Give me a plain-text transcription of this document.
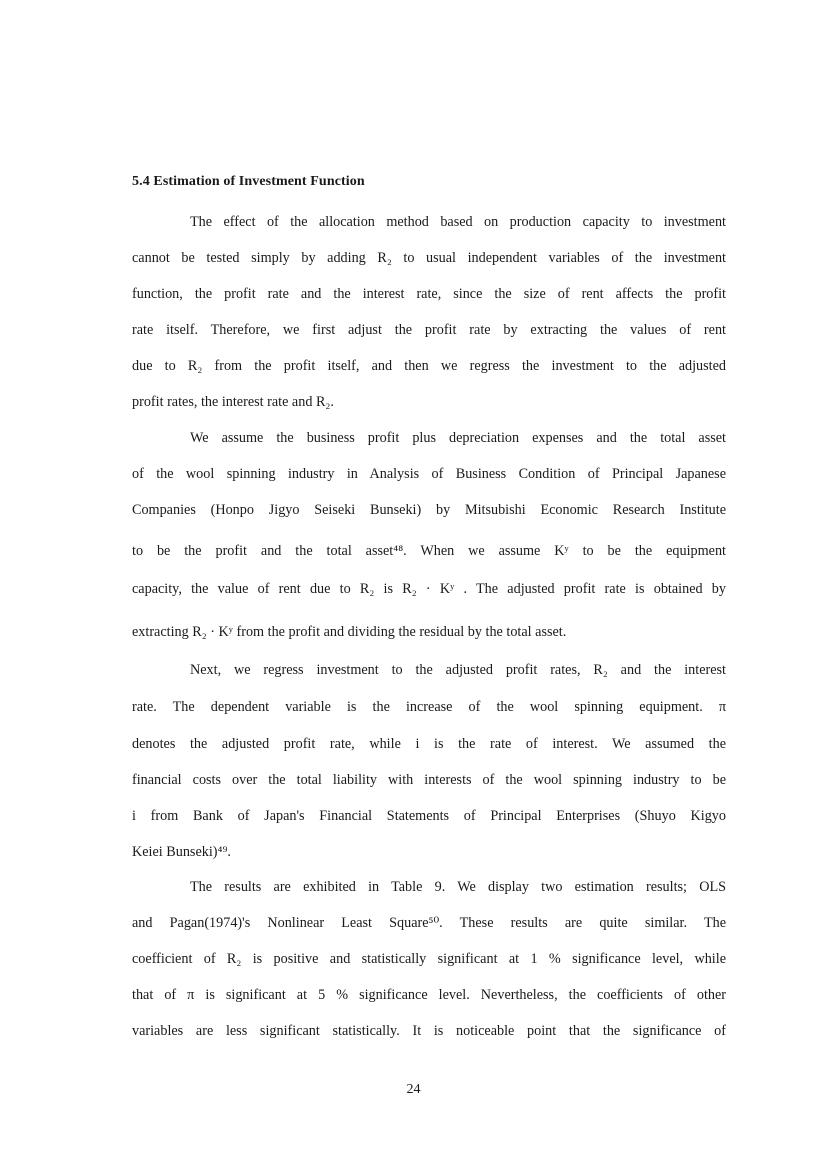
5.4 Estimation of Investment Function
The effect of the allocation method based on production capacity to investment
cannot be tested simply by adding R₂ to usual independent variables of the investment
function, the profit rate and the interest rate, since the size of rent affects the profit
rate itself. Therefore, we first adjust the profit rate by extracting the values of rent
due to R₂ from the profit itself, and then we regress the investment to the adjusted
profit rates, the interest rate and R₂.
We assume the business profit plus depreciation expenses and the total asset
of the wool spinning industry in Analysis of Business Condition of Principal Japanese
Companies (Honpo Jigyo Seiseki Bunseki) by Mitsubishi Economic Research Institute
to be the profit and the total asset⁴⁸. When we assume Kʸ to be the equipment
capacity, the value of rent due to R₂ is R₂ · Kʸ . The adjusted profit rate is obtained by
extracting R₂ · Kʸ from the profit and dividing the residual by the total asset.
Next, we regress investment to the adjusted profit rates, R₂ and the interest
rate. The dependent variable is the increase of the wool spinning equipment. π
denotes the adjusted profit rate, while i is the rate of interest. We assumed the
financial costs over the total liability with interests of the wool spinning industry to be
i from Bank of Japan's Financial Statements of Principal Enterprises (Shuyo Kigyo
Keiei Bunseki)⁴⁹.
The results are exhibited in Table 9. We display two estimation results; OLS
and Pagan(1974)'s Nonlinear Least Square⁵⁰. These results are quite similar. The
coefficient of R₂ is positive and statistically significant at 1 % significance level, while
that of π is significant at 5 % significance level. Nevertheless, the coefficients of other
variables are less significant statistically. It is noticeable point that the significance of
24
